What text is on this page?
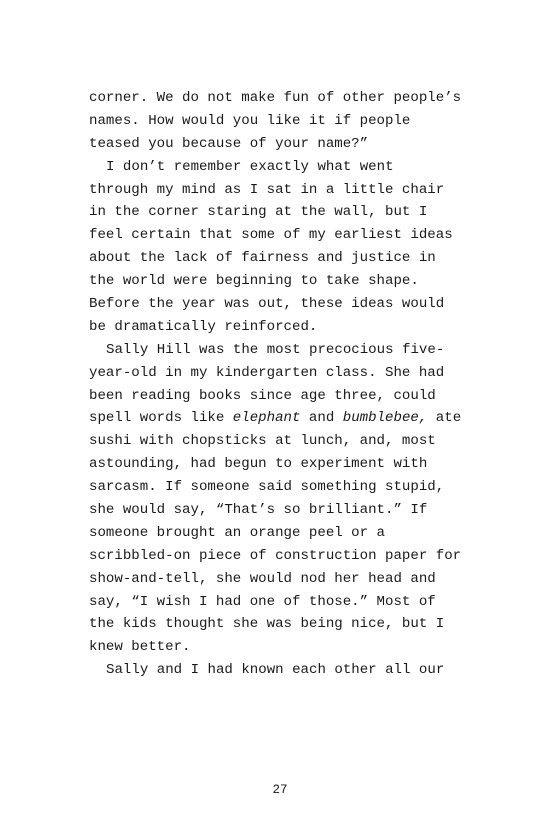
corner. We do not make fun of other people’s
names. How would you like it if people
teased you because of your name?”
I don’t remember exactly what went
through my mind as I sat in a little chair
in the corner staring at the wall, but I
feel certain that some of my earliest ideas
about the lack of fairness and justice in
the world were beginning to take shape.
Before the year was out, these ideas would
be dramatically reinforced.
Sally Hill was the most precocious five-
year-old in my kindergarten class. She had
been reading books since age three, could
spell words like elephant and bumblebee, ate
sushi with chopsticks at lunch, and, most
astounding, had begun to experiment with
sarcasm. If someone said something stupid,
she would say, “That’s so brilliant.” If
someone brought an orange peel or a
scribbled-on piece of construction paper for
show-and-tell, she would nod her head and
say, “I wish I had one of those.” Most of
the kids thought she was being nice, but I
knew better.
Sally and I had known each other all our
27
